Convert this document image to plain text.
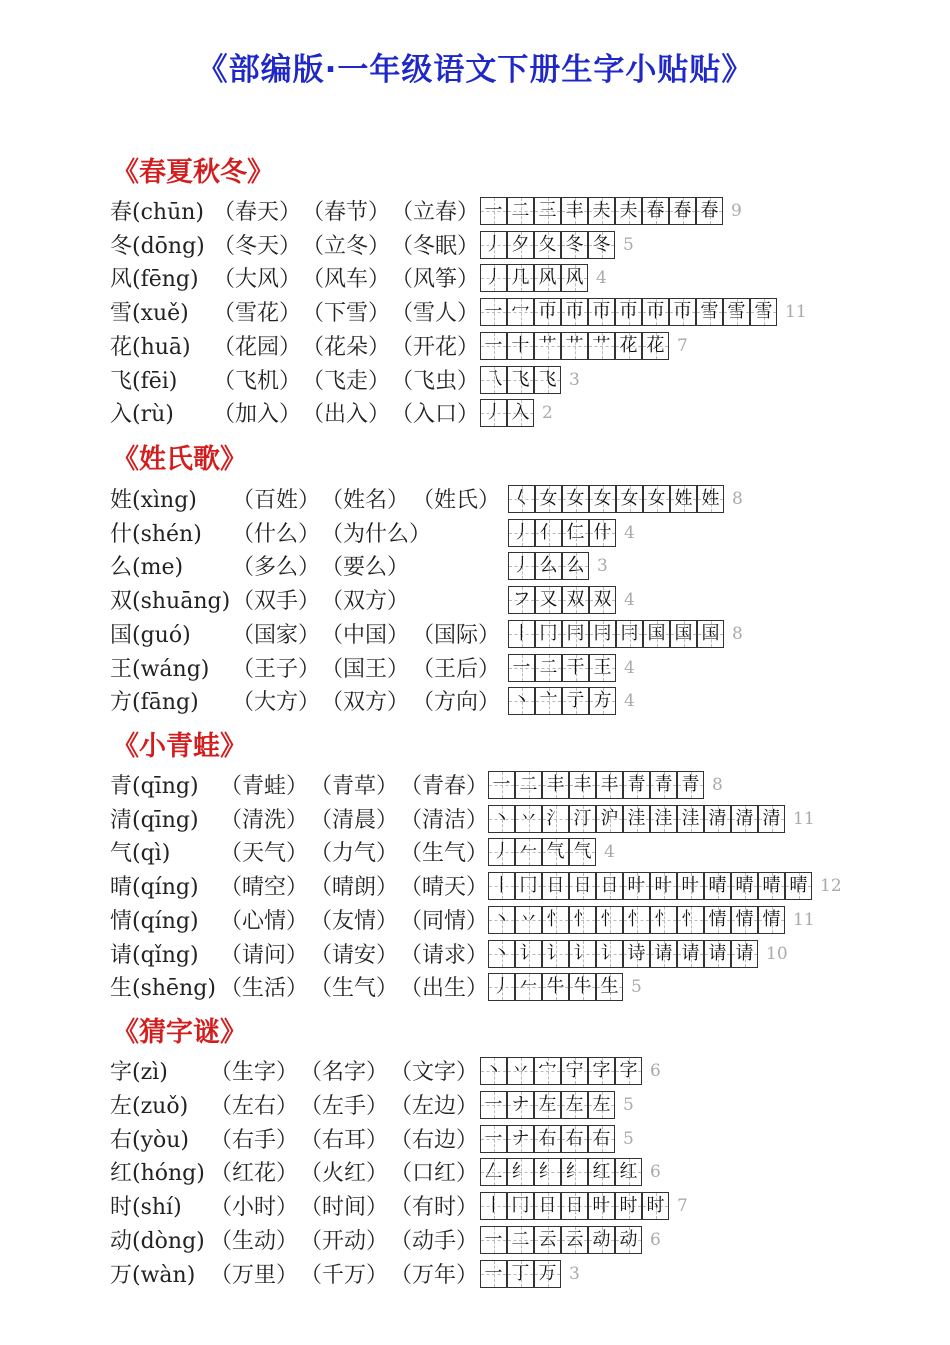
《部编版·一年级语文下册生字小贴贴》
《春夏秋冬》
春(chūn) （春天） （春节） （立春） 一 二 三 丰 夫 夫 春 春 春 9
冬(dōng) （冬天） （立冬） （冬眠） 丿 夕 夂 冬 冬 5
风(fēng) （大风） （风车） （风筝） 丿 几 风 风 4
雪(xuě) （雪花） （下雪） （雪人） 一 冖 帀 帀 帀 帀 帀 帀 雪 雪 雪 11
花(huā) （花园） （花朵） （开花） 一 十 艹 艹 艹 花 花 7
飞(fēi) （飞机） （飞走） （飞虫） 乁 飞 飞 3
入(rù) （加入） （出入） （入口） 丿 入 2
《姓氏歌》
姓(xìng) （百姓） （姓名） （姓氏） 𡿨 女 女 女 女 女 姓 姓 8
什(shén) （什么） （为什么）	丿 亻 仁 什 4
么(me) （多么） （要么）	丿 么 么 3
双(shuāng) （双手） （双方）	フ 又 双 双 4
国(guó) （国家） （中国） （国际） 丨 冂 冃 冃 冃 国 国 国 8
王(wáng) （王子） （国王） （王后） 一 二 干 王 4
方(fāng) （大方） （双方） （方向） 丶 亠 亍 方 4
《小青蛙》
青(qīng) （青蛙） （青草） （青春） 一 二 丰 丰 丰 青 青 青 8
清(qīng) （清洗） （清晨） （清洁） 丶 丷 氵 汀 沪 洼 洼 洼 清 清 清 11
气(qì) （天气） （力气） （生气） 丿 𠂉 气 气 4
晴(qíng) （晴空） （晴朗） （晴天） 丨 冂 日 日 日 旪 旪 旪 晴 晴 晴 晴 12
情(qíng) （心情） （友情） （同情） 丶 丷 忄 忄 忄 忄 忄 忄 情 情 情 11
请(qǐng) （请问） （请安） （请求） 丶 讠 讠 讠 讠 诗 请 请 请 请 10
生(shēng) （生活） （生气） （出生） 丿 𠂉 牛 牛 生 5
《猜字谜》
字(zì) （生字） （名字） （文字） 丶 丷 宀 宁 字 字 6
左(zuǒ) （左右） （左手） （左边） 一 ナ 左 左 左 5
右(yòu) （右手） （右耳） （右边） 一 ナ 右 右 右 5
红(hóng) （红花） （火红） （口红） 𠃋 纟 纟 纟 红 红 6
时(shí) （小时） （时间） （有时） 丨 冂 日 日 旪 时 时 7
动(dòng) （生动） （开动） （动手） 一 二 云 云 动 动 6
万(wàn) （万里） （千万） （万年） 一 丁 万 3
